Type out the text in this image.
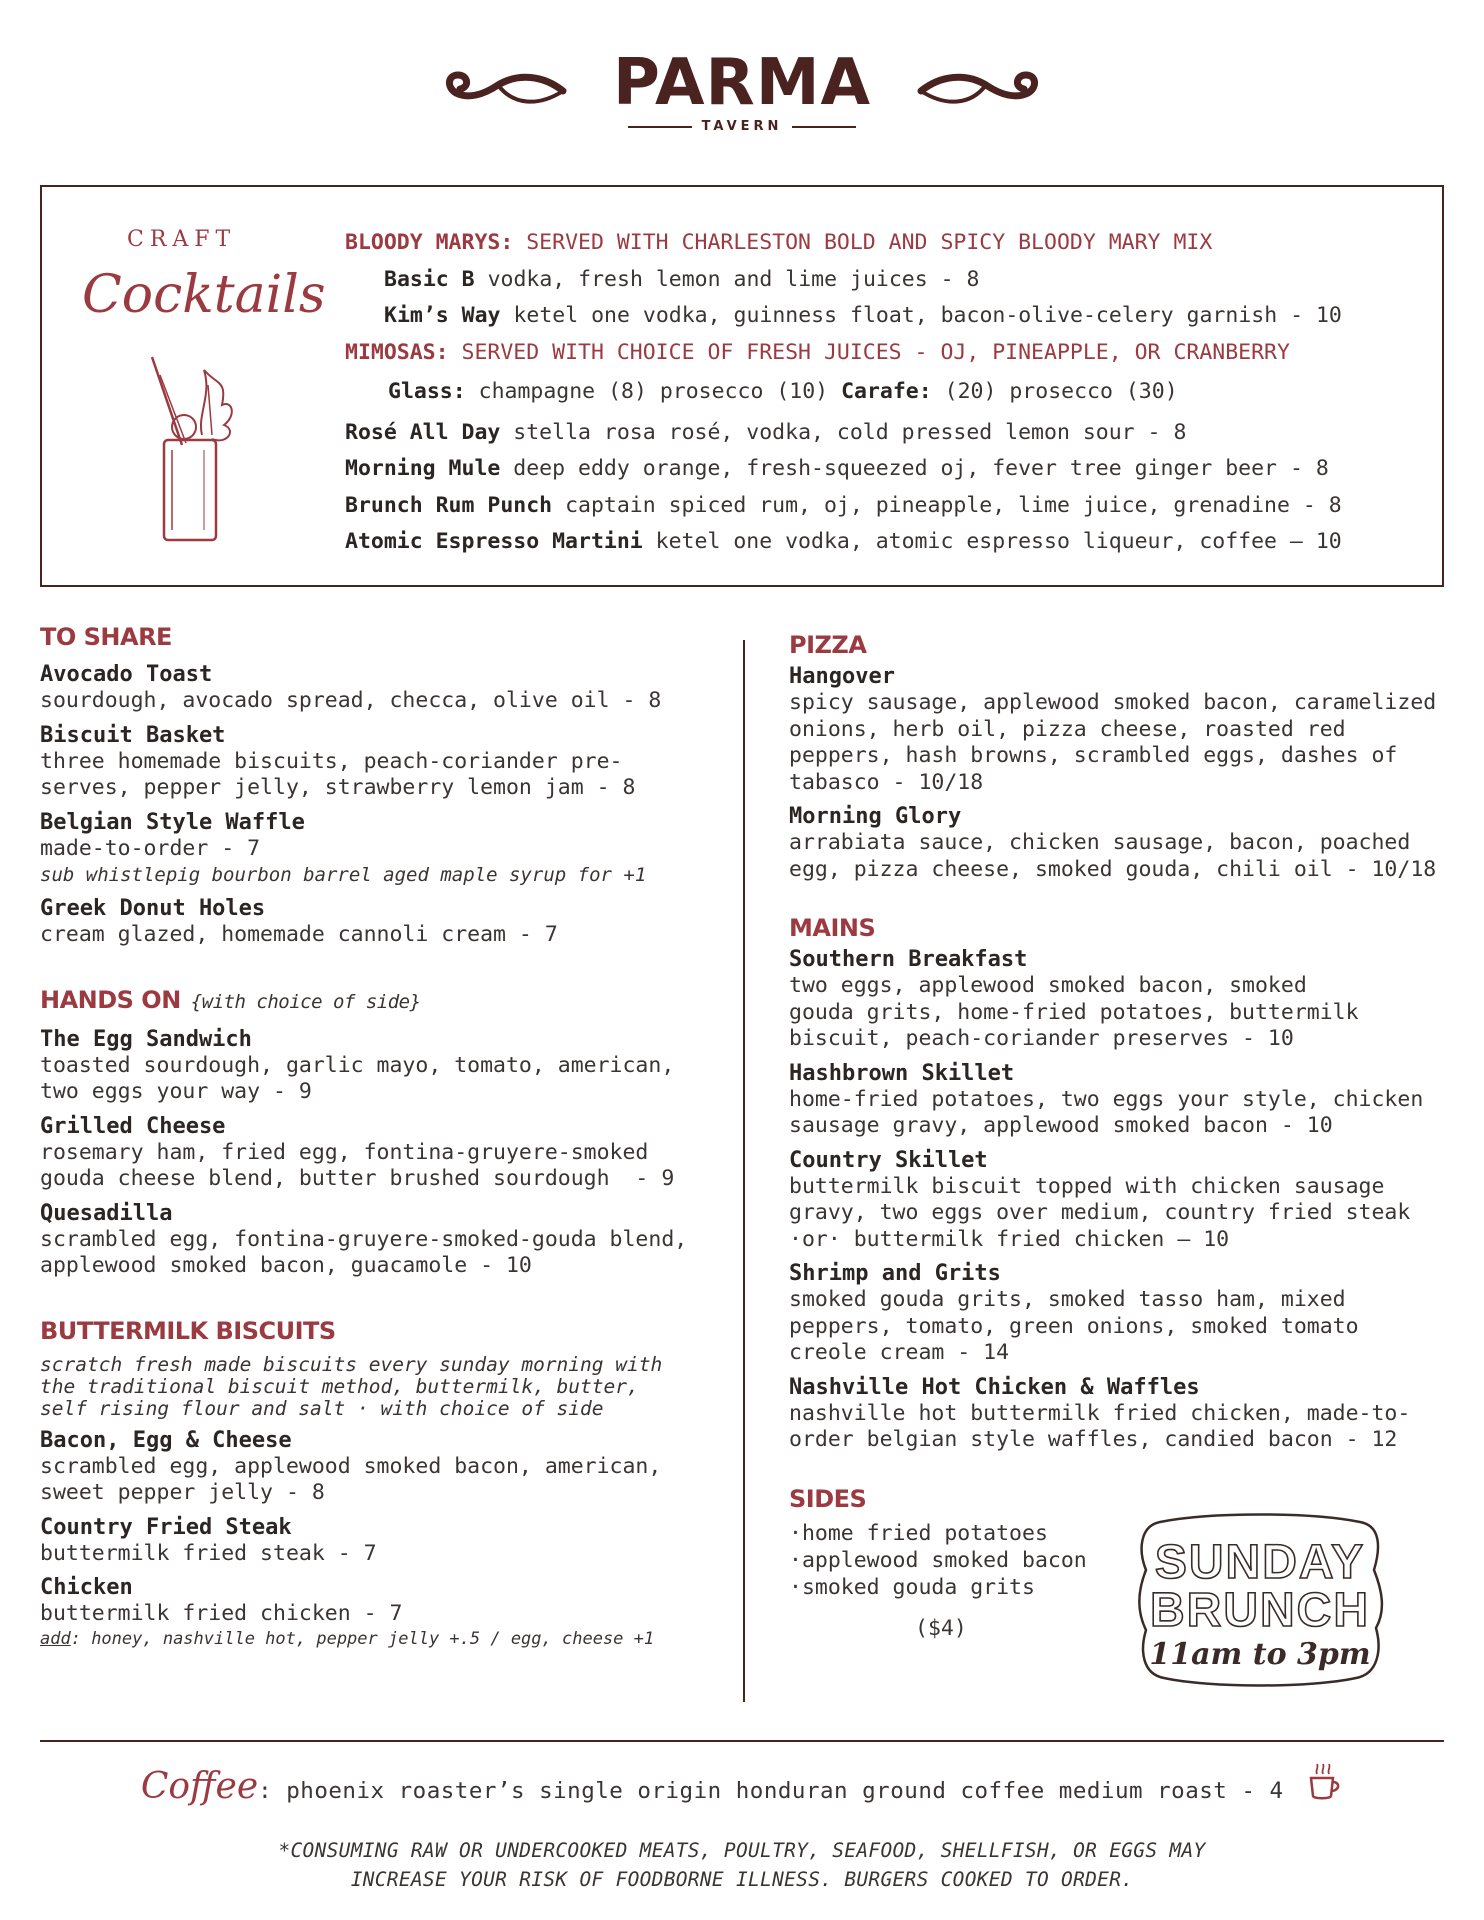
PARMA
TAVERN
CRAFT
Cocktails
BLOODY MARYS: SERVED WITH CHARLESTON BOLD AND SPICY BLOODY MARY MIX
Basic B vodka, fresh lemon and lime juices - 8
Kim’s Way ketel one vodka, guinness float, bacon-olive-celery garnish - 10
MIMOSAS: SERVED WITH CHOICE OF FRESH JUICES - OJ, PINEAPPLE, OR CRANBERRY
Glass: champagne (8) prosecco (10) Carafe: (20) prosecco (30)
Rosé All Day stella rosa rosé, vodka, cold pressed lemon sour - 8
Morning Mule deep eddy orange, fresh-squeezed oj, fever tree ginger beer - 8
Brunch Rum Punch captain spiced rum, oj, pineapple, lime juice, grenadine - 8
Atomic Espresso Martini ketel one vodka, atomic espresso liqueur, coffee – 10
TO SHARE
Avocado Toast
sourdough, avocado spread, checca, olive oil - 8
Biscuit Basket
three homemade biscuits, peach-coriander pre-
serves, pepper jelly, strawberry lemon jam - 8
Belgian Style Waffle
made-to-order - 7
sub whistlepig bourbon barrel aged maple syrup for +1
Greek Donut Holes
cream glazed, homemade cannoli cream - 7
HANDS ON {with choice of side}
The Egg Sandwich
toasted sourdough, garlic mayo, tomato, american,
two eggs your way - 9
Grilled Cheese
rosemary ham, fried egg, fontina-gruyere-smoked
gouda cheese blend, butter brushed sourdough  - 9
Quesadilla
scrambled egg, fontina-gruyere-smoked-gouda blend,
applewood smoked bacon, guacamole - 10
BUTTERMILK BISCUITS
scratch fresh made biscuits every sunday morning with
the traditional biscuit method, buttermilk, butter,
self rising flour and salt · with choice of side
Bacon, Egg & Cheese
scrambled egg, applewood smoked bacon, american,
sweet pepper jelly - 8
Country Fried Steak
buttermilk fried steak - 7
Chicken
buttermilk fried chicken - 7
add: honey, nashville hot, pepper jelly +.5 / egg, cheese +1
PIZZA
Hangover
spicy sausage, applewood smoked bacon, caramelized
onions, herb oil, pizza cheese, roasted red
peppers, hash browns, scrambled eggs, dashes of
tabasco - 10/18
Morning Glory
arrabiata sauce, chicken sausage, bacon, poached
egg, pizza cheese, smoked gouda, chili oil - 10/18
MAINS
Southern Breakfast
two eggs, applewood smoked bacon, smoked
gouda grits, home-fried potatoes, buttermilk
biscuit, peach-coriander preserves - 10
Hashbrown Skillet
home-fried potatoes, two eggs your style, chicken
sausage gravy, applewood smoked bacon - 10
Country Skillet
buttermilk biscuit topped with chicken sausage
gravy, two eggs over medium, country fried steak
·or· buttermilk fried chicken – 10
Shrimp and Grits
smoked gouda grits, smoked tasso ham, mixed
peppers, tomato, green onions, smoked tomato
creole cream - 14
Nashville Hot Chicken & Waffles
nashville hot buttermilk fried chicken, made-to-
order belgian style waffles, candied bacon - 12
SIDES
·home fried potatoes
·applewood smoked bacon
·smoked gouda grits
($4)
SUNDAY
BRUNCH
11am to 3pm
Coffee: phoenix roaster’s single origin honduran ground coffee medium roast - 4
*CONSUMING RAW OR UNDERCOOKED MEATS, POULTRY, SEAFOOD, SHELLFISH, OR EGGS MAY
INCREASE YOUR RISK OF FOODBORNE ILLNESS. BURGERS COOKED TO ORDER.
